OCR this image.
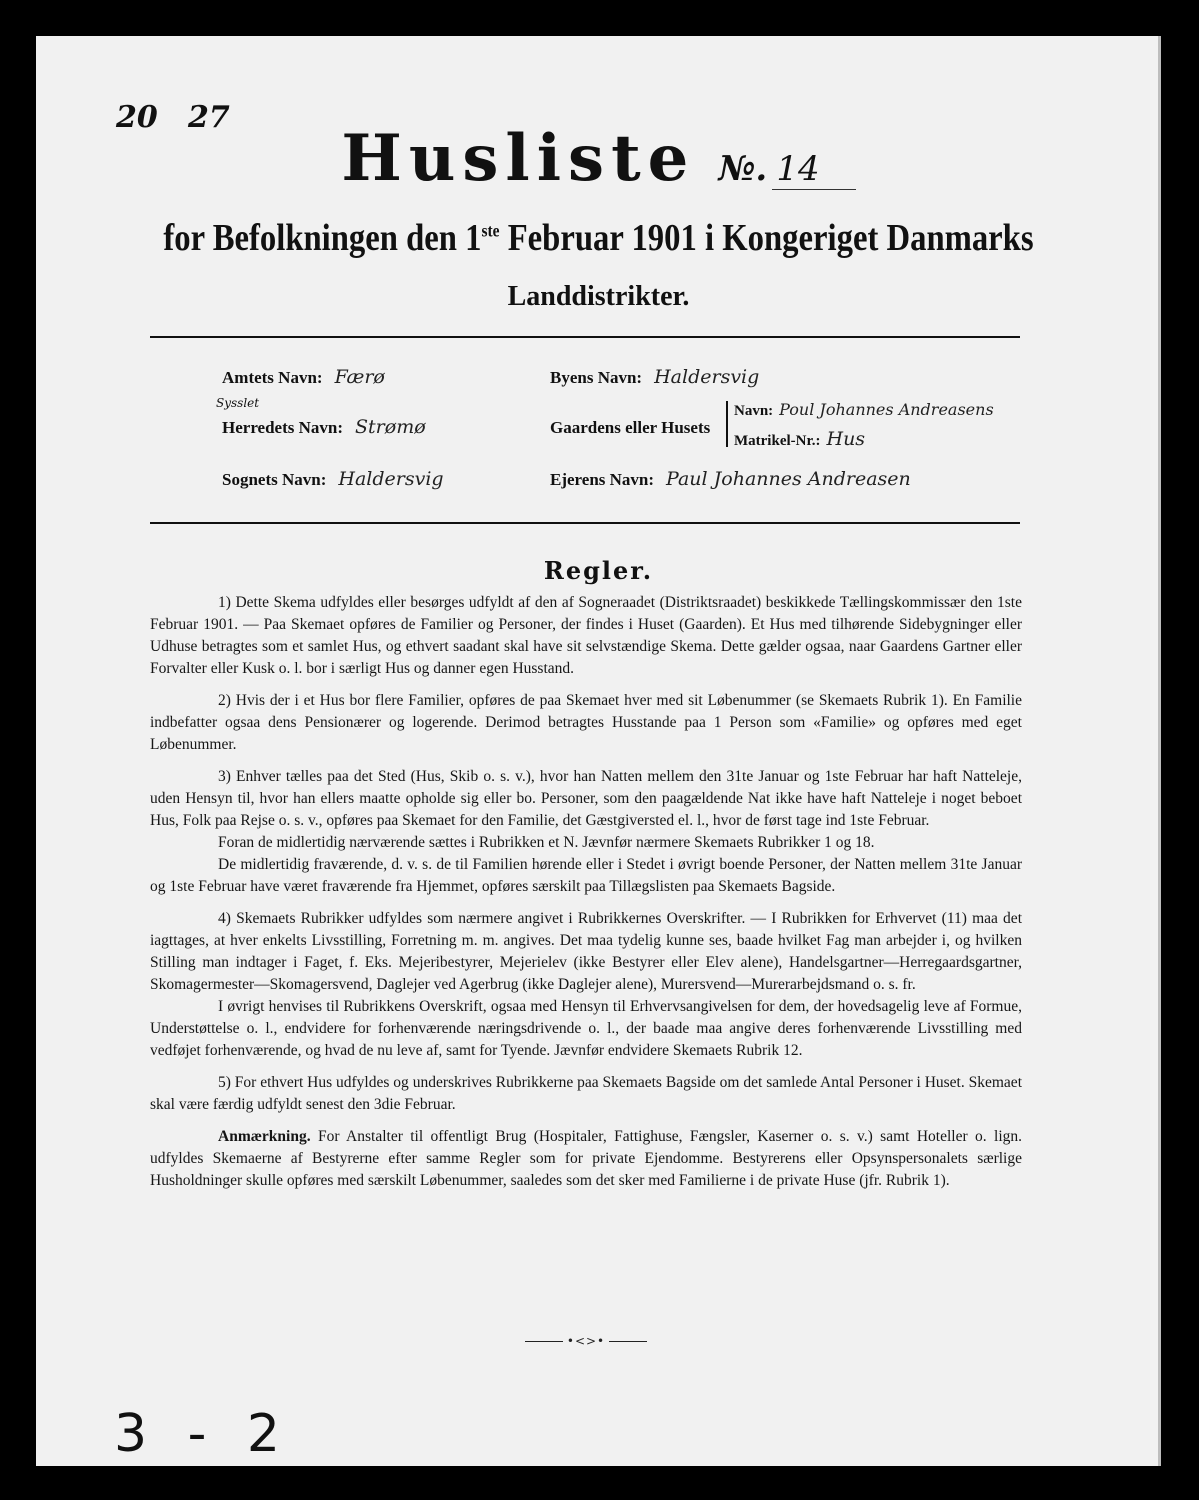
20 27
Husliste №. 14
for Befolkningen den 1ste Februar 1901 i Kongeriget Danmarks
Landdistrikter.
Amtets Navn: Færø
Sysslet
Herredets Navn: Strømø
Sognets Navn: Haldersvig
Byens Navn: Haldersvig
Gaardens eller Husets
Navn: Poul Johannes Andreasens
Matrikel-Nr.: Hus
Ejerens Navn: Paul Johannes Andreasen
Regler.

1) Dette Skema udfyldes eller besørges udfyldt af den af Sogneraadet (Distriktsraadet) beskikkede Tællingskommissær den 1ste Februar 1901. — Paa Skemaet opføres de Familier og Personer, der findes i Huset (Gaarden). Et Hus med tilhørende Sidebygninger eller Udhuse betragtes som et samlet Hus, og ethvert saadant skal have sit selvstændige Skema. Dette gælder ogsaa, naar Gaardens Gartner eller Forvalter eller Kusk o. l. bor i særligt Hus og danner egen Husstand.

2) Hvis der i et Hus bor flere Familier, opføres de paa Skemaet hver med sit Løbenummer (se Skemaets Rubrik 1). En Familie indbefatter ogsaa dens Pensionærer og logerende. Derimod betragtes Husstande paa 1 Person som «Familie» og opføres med eget Løbenummer.

3) Enhver tælles paa det Sted (Hus, Skib o. s. v.), hvor han Natten mellem den 31te Januar og 1ste Februar har haft Natteleje, uden Hensyn til, hvor han ellers maatte opholde sig eller bo. Personer, som den paagældende Nat ikke have haft Natteleje i noget beboet Hus, Folk paa Rejse o. s. v., opføres paa Skemaet for den Familie, det Gæstgiversted el. l., hvor de først tage ind 1ste Februar.

Foran de midlertidig nærværende sættes i Rubrikken et N. Jævnfør nærmere Skemaets Rubrikker 1 og 18.

De midlertidig fraværende, d. v. s. de til Familien hørende eller i Stedet i øvrigt boende Personer, der Natten mellem 31te Januar og 1ste Februar have været fraværende fra Hjemmet, opføres særskilt paa Tillægslisten paa Skemaets Bagside.

4) Skemaets Rubrikker udfyldes som nærmere angivet i Rubrikkernes Overskrifter. — I Rubrikken for Erhvervet (11) maa det iagttages, at hver enkelts Livsstilling, Forretning m. m. angives. Det maa tydelig kunne ses, baade hvilket Fag man arbejder i, og hvilken Stilling man indtager i Faget, f. Eks. Mejeribestyrer, Mejerielev (ikke Bestyrer eller Elev alene), Handelsgartner—Herregaardsgartner, Skomagermester—Skomagersvend, Daglejer ved Agerbrug (ikke Daglejer alene), Murersvend—Murerarbejdsmand o. s. fr.

I øvrigt henvises til Rubrikkens Overskrift, ogsaa med Hensyn til Erhvervsangivelsen for dem, der hovedsagelig leve af Formue, Understøttelse o. l., endvidere for forhenværende næringsdrivende o. l., der baade maa angive deres forhenværende Livsstilling med vedføjet forhenværende, og hvad de nu leve af, samt for Tyende. Jævnfør endvidere Skemaets Rubrik 12.

5) For ethvert Hus udfyldes og underskrives Rubrikkerne paa Skemaets Bagside om det samlede Antal Personer i Huset. Skemaet skal være færdig udfyldt senest den 3die Februar.

Anmærkning. For Anstalter til offentligt Brug (Hospitaler, Fattighuse, Fængsler, Kaserner o. s. v.) samt Hoteller o. lign. udfyldes Skemaerne af Bestyrerne efter samme Regler som for private Ejendomme. Bestyrerens eller Opsynspersonalets særlige Husholdninger skulle opføres med særskilt Løbenummer, saaledes som det sker med Familierne i de private Huse (jfr. Rubrik 1).

•<>•
3 - 2
